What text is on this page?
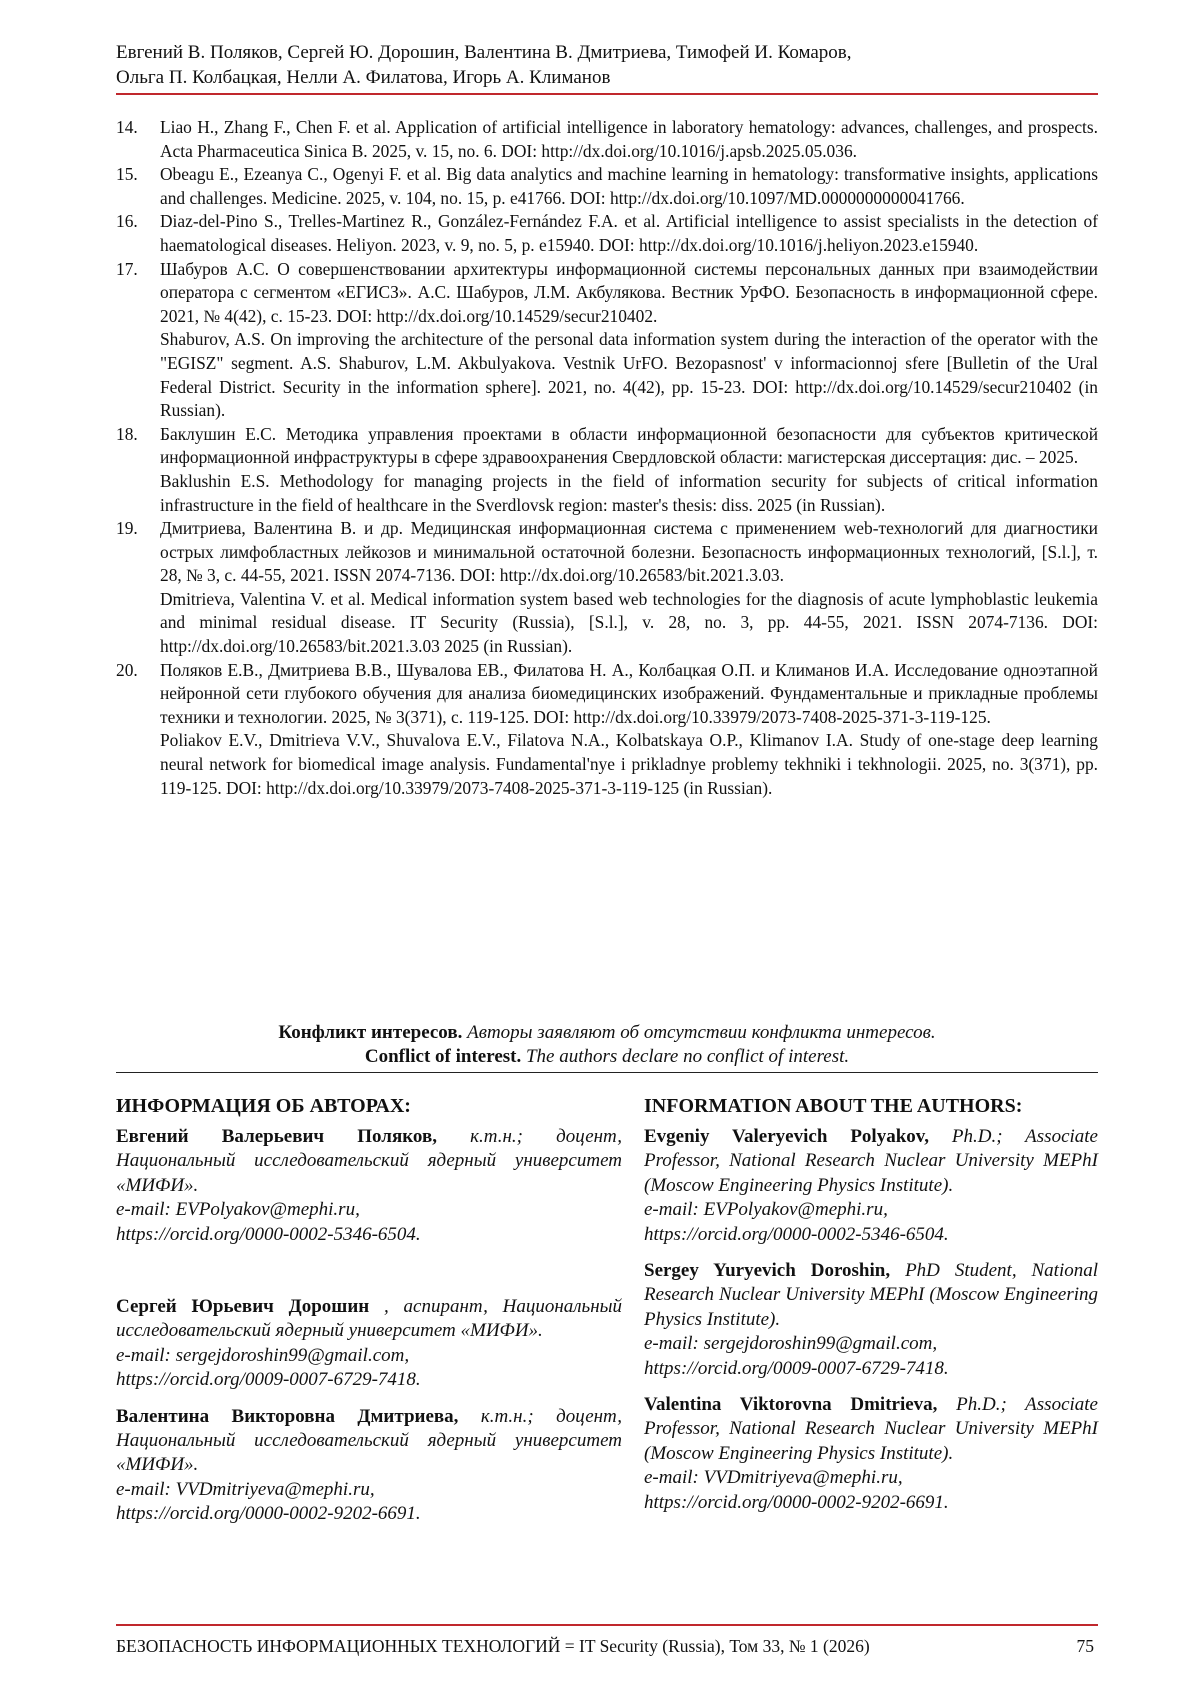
Евгений В. Поляков, Сергей Ю. Дорошин, Валентина В. Дмитриева, Тимофей И. Комаров,
Ольга П. Колбацкая, Нелли А. Филатова, Игорь А. Климанов
14.	Liao H., Zhang F., Chen F. et al. Application of artificial intelligence in laboratory hematology: advances, challenges, and prospects. Acta Pharmaceutica Sinica B. 2025, v. 15, no. 6. DOI: http://dx.doi.org/10.1016/j.apsb.2025.05.036.

15.	Obeagu E., Ezeanya C., Ogenyi F. et al. Big data analytics and machine learning in hematology: transformative insights, applications and challenges. Medicine. 2025, v. 104, no. 15, p. e41766. DOI: http://dx.doi.org/10.1097/MD.0000000000041766.

16.	Diaz-del-Pino S., Trelles-Martinez R., González-Fernández F.A. et al. Artificial intelligence to assist specialists in the detection of haematological diseases. Heliyon. 2023, v. 9, no. 5, p. e15940. DOI: http://dx.doi.org/10.1016/j.heliyon.2023.e15940.

17.	Шабуров А.С. О совершенствовании архитектуры информационной системы персональных данных при взаимодействии оператора с сегментом «ЕГИСЗ». А.С. Шабуров, Л.М. Акбулякова. Вестник УрФО. Безопасность в информационной сфере. 2021, № 4(42), с. 15-23. DOI: http://dx.doi.org/10.14529/secur210402.

Shaburov, A.S. On improving the architecture of the personal data information system during the interaction of the operator with the "EGISZ" segment. A.S. Shaburov, L.M. Akbulyakova. Vestnik UrFO. Bezopasnost' v informacionnoj sfere [Bulletin of the Ural Federal District. Security in the information sphere]. 2021, no. 4(42), pp. 15-23. DOI: http://dx.doi.org/10.14529/secur210402 (in Russian).

18.	Баклушин Е.С. Методика управления проектами в области информационной безопасности для субъектов критической информационной инфраструктуры в сфере здравоохранения Свердловской области: магистерская диссертация: дис. – 2025.

Baklushin E.S. Methodology for managing projects in the field of information security for subjects of critical information infrastructure in the field of healthcare in the Sverdlovsk region: master's thesis: diss. 2025 (in Russian).

19.	Дмитриева, Валентина В. и др. Медицинская информационная система с применением web-технологий для диагностики острых лимфобластных лейкозов и минимальной остаточной болезни. Безопасность информационных технологий, [S.l.], т. 28, № 3, с. 44-55, 2021. ISSN 2074-7136. DOI: http://dx.doi.org/10.26583/bit.2021.3.03.

Dmitrieva, Valentina V. et al. Medical information system based web technologies for the diagnosis of acute lymphoblastic leukemia and minimal residual disease. IT Security (Russia), [S.l.], v. 28, no. 3, pp. 44-55, 2021. ISSN 2074-7136. DOI: http://dx.doi.org/10.26583/bit.2021.3.03 2025 (in Russian).

20.	Поляков Е.В., Дмитриева В.В., Шувалова ЕВ., Филатова Н. А., Колбацкая О.П. и Климанов И.А. Исследование одноэтапной нейронной сети глубокого обучения для анализа биомедицинских изображений. Фундаментальные и прикладные проблемы техники и технологии. 2025, № 3(371), с. 119-125. DOI: http://dx.doi.org/10.33979/2073-7408-2025-371-3-119-125.

Poliakov E.V., Dmitrieva V.V., Shuvalova E.V., Filatova N.A., Kolbatskaya O.P., Klimanov I.A. Study of one-stage deep learning neural network for biomedical image analysis. Fundamental'nye i prikladnye problemy tekhniki i tekhnologii. 2025, no. 3(371), pp. 119-125. DOI: http://dx.doi.org/10.33979/2073-7408-2025-371-3-119-125 (in Russian).

Конфликт интересов. Авторы заявляют об отсутствии конфликта интересов.
Conflict of interest. The authors declare no conflict of interest.
ИНФОРМАЦИЯ ОБ АВТОРАХ:
Евгений Валерьевич Поляков, к.т.н.; доцент, Национальный исследовательский ядерный университет «МИФИ».
e-mail: EVPolyakov@mephi.ru,
https://orcid.org/0000-0002-5346-6504.
Сергей Юрьевич Дорошин , аспирант, Национальный исследовательский ядерный университет «МИФИ».
e-mail: sergejdoroshin99@gmail.com,
https://orcid.org/0009-0007-6729-7418.
Валентина Викторовна Дмитриева, к.т.н.; доцент, Национальный исследовательский ядерный университет «МИФИ».
e-mail: VVDmitriyeva@mephi.ru,
https://orcid.org/0000-0002-9202-6691.
INFORMATION ABOUT THE AUTHORS:
Evgeniy Valeryevich Polyakov, Ph.D.; Associate Professor, National Research Nuclear University MEPhI (Moscow Engineering Physics Institute).
e-mail: EVPolyakov@mephi.ru,
https://orcid.org/0000-0002-5346-6504.
Sergey Yuryevich Doroshin, PhD Student, National Research Nuclear University MEPhI (Moscow Engineering Physics Institute).
e-mail: sergejdoroshin99@gmail.com,
https://orcid.org/0009-0007-6729-7418.
Valentina Viktorovna Dmitrieva, Ph.D.; Associate Professor, National Research Nuclear University MEPhI (Moscow Engineering Physics Institute).
e-mail: VVDmitriyeva@mephi.ru,
https://orcid.org/0000-0002-9202-6691.
БЕЗОПАСНОСТЬ ИНФОРМАЦИОННЫХ ТЕХНОЛОГИЙ = IT Security (Russia), Том 33, № 1 (2026)	75
